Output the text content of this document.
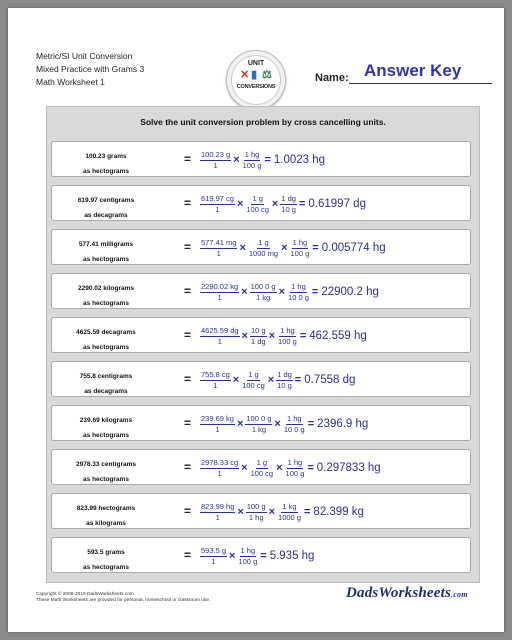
Metric/SI Unit Conversion
Mixed Practice with Grams 3
Math Worksheet 1
UNIT
✕ ▮ ⚖
CONVERSIONS
Name: Answer Key
Solve the unit conversion problem by cross cancelling units.
100.23 grams
as hectograms
= $\frac{100.23 g}{1} \times \frac{1 hg}{100 g} = 1.0023$ hg
619.97 centigrams
as decagrams
= $\frac{619.97 cg}{1} \times \frac{1 g}{100 cg} \times \frac{1 dg}{10 g} = 0.61997$ dg
577.41 milligrams
as hectograms
= $\frac{577.41 mg}{1} \times \frac{1 g}{1000 mg} \times \frac{1 hg}{100 g} = 0.005774$ hg
2290.02 kilograms
as hectograms
= $\frac{2290.02 kg}{1} \times \frac{100 0 g}{1 kg} \times \frac{1 hg}{10 0 g} = 22900.2$ hg
4625.59 decagrams
as hectograms
= $\frac{4625.59 dg}{1} \times \frac{10 g}{1 dg} \times \frac{1 hg}{100 g} = 462.559$ hg
755.8 centigrams
as decagrams
= $\frac{755.8 cg}{1} \times \frac{1 g}{100 cg} \times \frac{1 dg}{10 g} = 0.7558$ dg
239.69 kilograms
as hectograms
= $\frac{239.69 kg}{1} \times \frac{100 0 g}{1 kg} \times \frac{1 hg}{10 0 g} = 2396.9$ hg
2978.33 centigrams
as hectograms
= $\frac{2978.33 cg}{1} \times \frac{1 g}{100 cg} \times \frac{1 hg}{100 g} = 0.297833$ hg
823.99 hectograms
as kilograms
= $\frac{823.99 hg}{1} \times \frac{100 g}{1 hg} \times \frac{1 kg}{1000 g} = 82.399$ kg
593.5 grams
as hectograms
= $\frac{593.5 g}{1} \times \frac{1 hg}{100 g} = 5.935$ hg
Copyright © 2008-2019 DadsWorksheets.com
These Math Worksheets are provided for personal, homeschool or classroom use.	DadsWorksheets.com
